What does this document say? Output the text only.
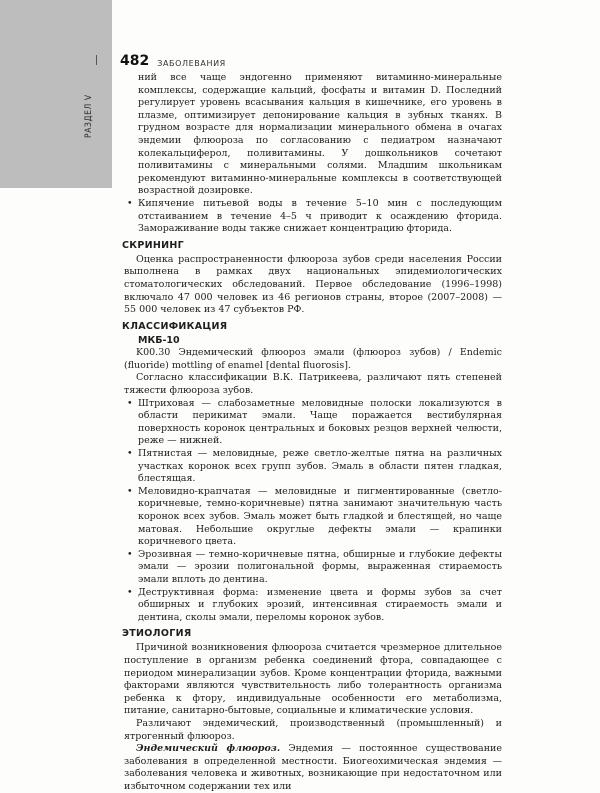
РАЗДЕЛ V
482 ЗАБОЛЕВАНИЯ
ний все чаще эндогенно применяют витаминно-минеральные комплексы, содержащие кальций, фосфаты и витамин D. Последний регулирует уровень всасывания кальция в кишечнике, его уровень в плазме, оптимизирует депонирование кальция в зубных тканях. В грудном возрасте для нормализации минерального обмена в очагах эндемии флюороза по согласованию с педиатром назначают колекальциферол, поливитамины. У дошкольников сочетают поливитамины с минеральными солями. Младшим школьникам рекомендуют витаминно-минеральные комплексы в соответствующей возрастной дозировке.
• Кипячение питьевой воды в течение 5–10 мин с последующим отстаиванием в течение 4–5 ч приводит к осаждению фторида. Замораживание воды также снижает концентрацию фторида.
СКРИНИНГ

Оценка распространенности флюороза зубов среди населения России выполнена в рамках двух национальных эпидемиологических стоматологических обследований. Первое обследование (1996–1998) включало 47 000 человек из 46 регионов страны, второе (2007–2008) — 55 000 человек из 47 субъектов РФ.

КЛАССИФИКАЦИЯ
МКБ-10

K00.30 Эндемический флюороз эмали (флюороз зубов) / Endemic (fluoride) mottling of enamel [dental fluorosis].

Согласно классификации В.К. Патрикеева, различают пять степеней тяжести флюороза зубов.

• Штриховая — слабозаметные меловидные полоски локализуются в области перикимат эмали. Чаще поражается вестибулярная поверхность коронок центральных и боковых резцов верхней челюсти, реже — нижней.
• Пятнистая — меловидные, реже светло-желтые пятна на различных участках коронок всех групп зубов. Эмаль в области пятен гладкая, блестящая.
• Меловидно-крапчатая — меловидные и пигментированные (светло-коричневые, темно-коричневые) пятна занимают значительную часть коронок всех зубов. Эмаль может быть гладкой и блестящей, но чаще матовая. Небольшие округлые дефекты эмали — крапинки коричневого цвета.
• Эрозивная — темно-коричневые пятна, обширные и глубокие дефекты эмали — эрозии полигональной формы, выраженная стираемость эмали вплоть до дентина.
• Деструктивная форма: изменение цвета и формы зубов за счет обширных и глубоких эрозий, интенсивная стираемость эмали и дентина, сколы эмали, переломы коронок зубов.
ЭТИОЛОГИЯ

Причиной возникновения флюороза считается чрезмерное длительное поступление в организм ребенка соединений фтора, совпадающее с периодом минерализации зубов. Кроме концентрации фторида, важными факторами являются чувствительность либо толерантность организма ребенка к фтору, индивидуальные особенности его метаболизма, питание, санитарно-бытовые, социальные и климатические условия.

Различают эндемический, производственный (промышленный) и ятрогенный флюороз.

Эндемический флюороз. Эндемия — постоянное существование заболевания в определенной местности. Биогеохимическая эндемия — заболевания человека и животных, возникающие при недостаточном или избыточном содержании тех или
